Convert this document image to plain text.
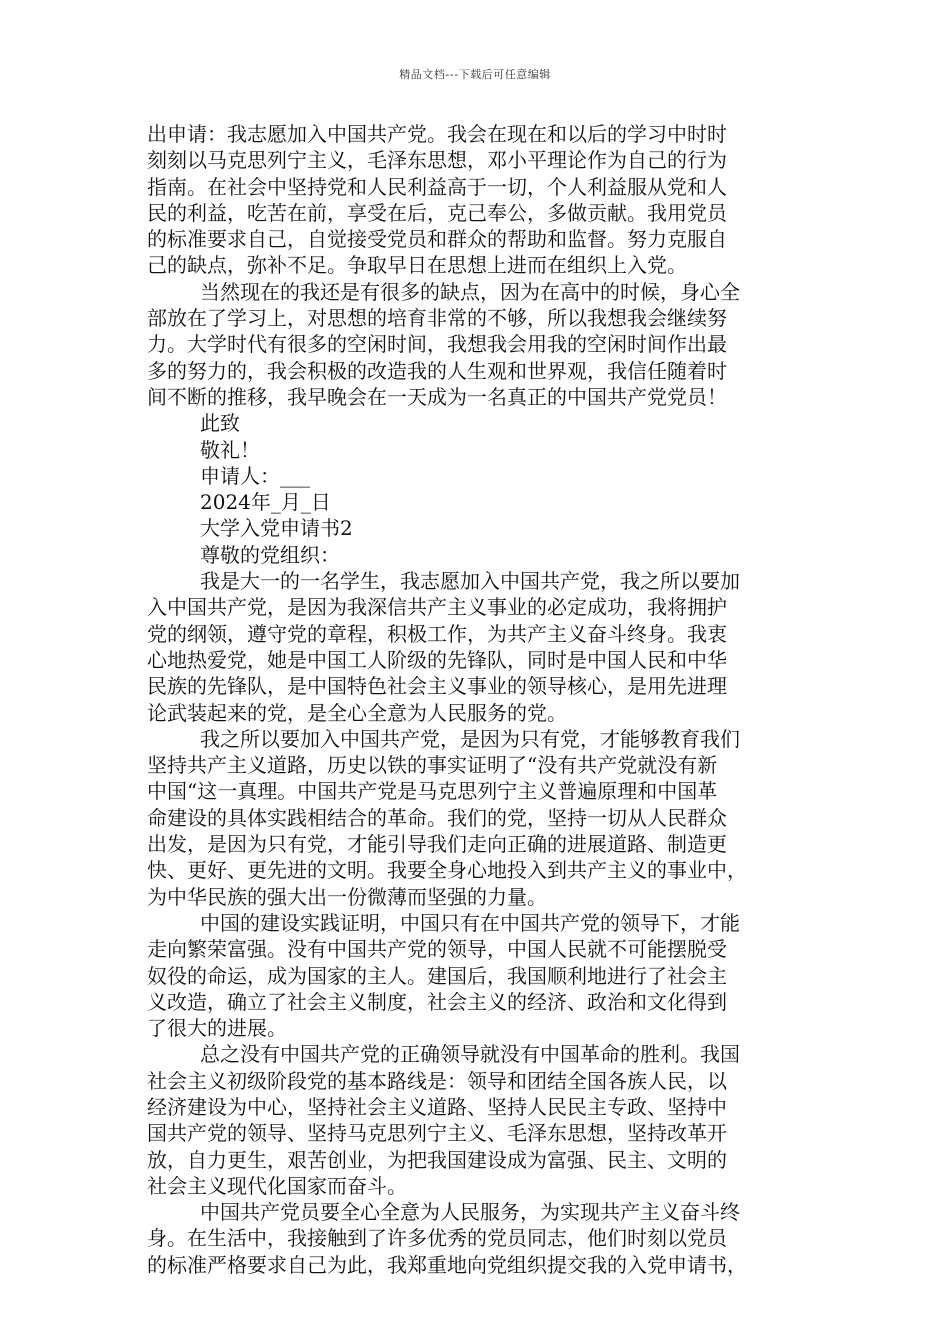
精品文档---下载后可任意编辑
出申请：我志愿加入中国共产党。我会在现在和以后的学习中时时
刻刻以马克思列宁主义，毛泽东思想，邓小平理论作为自己的行为
指南。在社会中坚持党和人民利益高于一切，个人利益服从党和人
民的利益，吃苦在前，享受在后，克己奉公，多做贡献。我用党员
的标准要求自己，自觉接受党员和群众的帮助和监督。努力克服自
己的缺点，弥补不足。争取早日在思想上进而在组织上入党。
当然现在的我还是有很多的缺点，因为在高中的时候，身心全
部放在了学习上，对思想的培育非常的不够，所以我想我会继续努
力。大学时代有很多的空闲时间，我想我会用我的空闲时间作出最
多的努力的，我会积极的改造我的人生观和世界观，我信任随着时
间不断的推移，我早晚会在一天成为一名真正的中国共产党党员！
此致
敬礼！
申请人：___
2024年_月_日
大学入党申请书2
尊敬的党组织：
我是大一的一名学生，我志愿加入中国共产党，我之所以要加
入中国共产党，是因为我深信共产主义事业的必定成功，我将拥护
党的纲领，遵守党的章程，积极工作，为共产主义奋斗终身。我衷
心地热爱党，她是中国工人阶级的先锋队，同时是中国人民和中华
民族的先锋队，是中国特色社会主义事业的领导核心，是用先进理
论武装起来的党，是全心全意为人民服务的党。
我之所以要加入中国共产党，是因为只有党，才能够教育我们
坚持共产主义道路，历史以铁的事实证明了“没有共产党就没有新
中国“这一真理。中国共产党是马克思列宁主义普遍原理和中国革
命建设的具体实践相结合的革命。我们的党，坚持一切从人民群众
出发，是因为只有党，才能引导我们走向正确的进展道路、制造更
快、更好、更先进的文明。我要全身心地投入到共产主义的事业中，
为中华民族的强大出一份微薄而坚强的力量。
中国的建设实践证明，中国只有在中国共产党的领导下，才能
走向繁荣富强。没有中国共产党的领导，中国人民就不可能摆脱受
奴役的命运，成为国家的主人。建国后，我国顺利地进行了社会主
义改造，确立了社会主义制度，社会主义的经济、政治和文化得到
了很大的进展。
总之没有中国共产党的正确领导就没有中国革命的胜利。我国
社会主义初级阶段党的基本路线是：领导和团结全国各族人民，以
经济建设为中心，坚持社会主义道路、坚持人民民主专政、坚持中
国共产党的领导、坚持马克思列宁主义、毛泽东思想，坚持改革开
放，自力更生，艰苦创业，为把我国建设成为富强、民主、文明的
社会主义现代化国家而奋斗。
中国共产党员要全心全意为人民服务，为实现共产主义奋斗终
身。在生活中，我接触到了许多优秀的党员同志，他们时刻以党员
的标准严格要求自己为此，我郑重地向党组织提交我的入党申请书，
